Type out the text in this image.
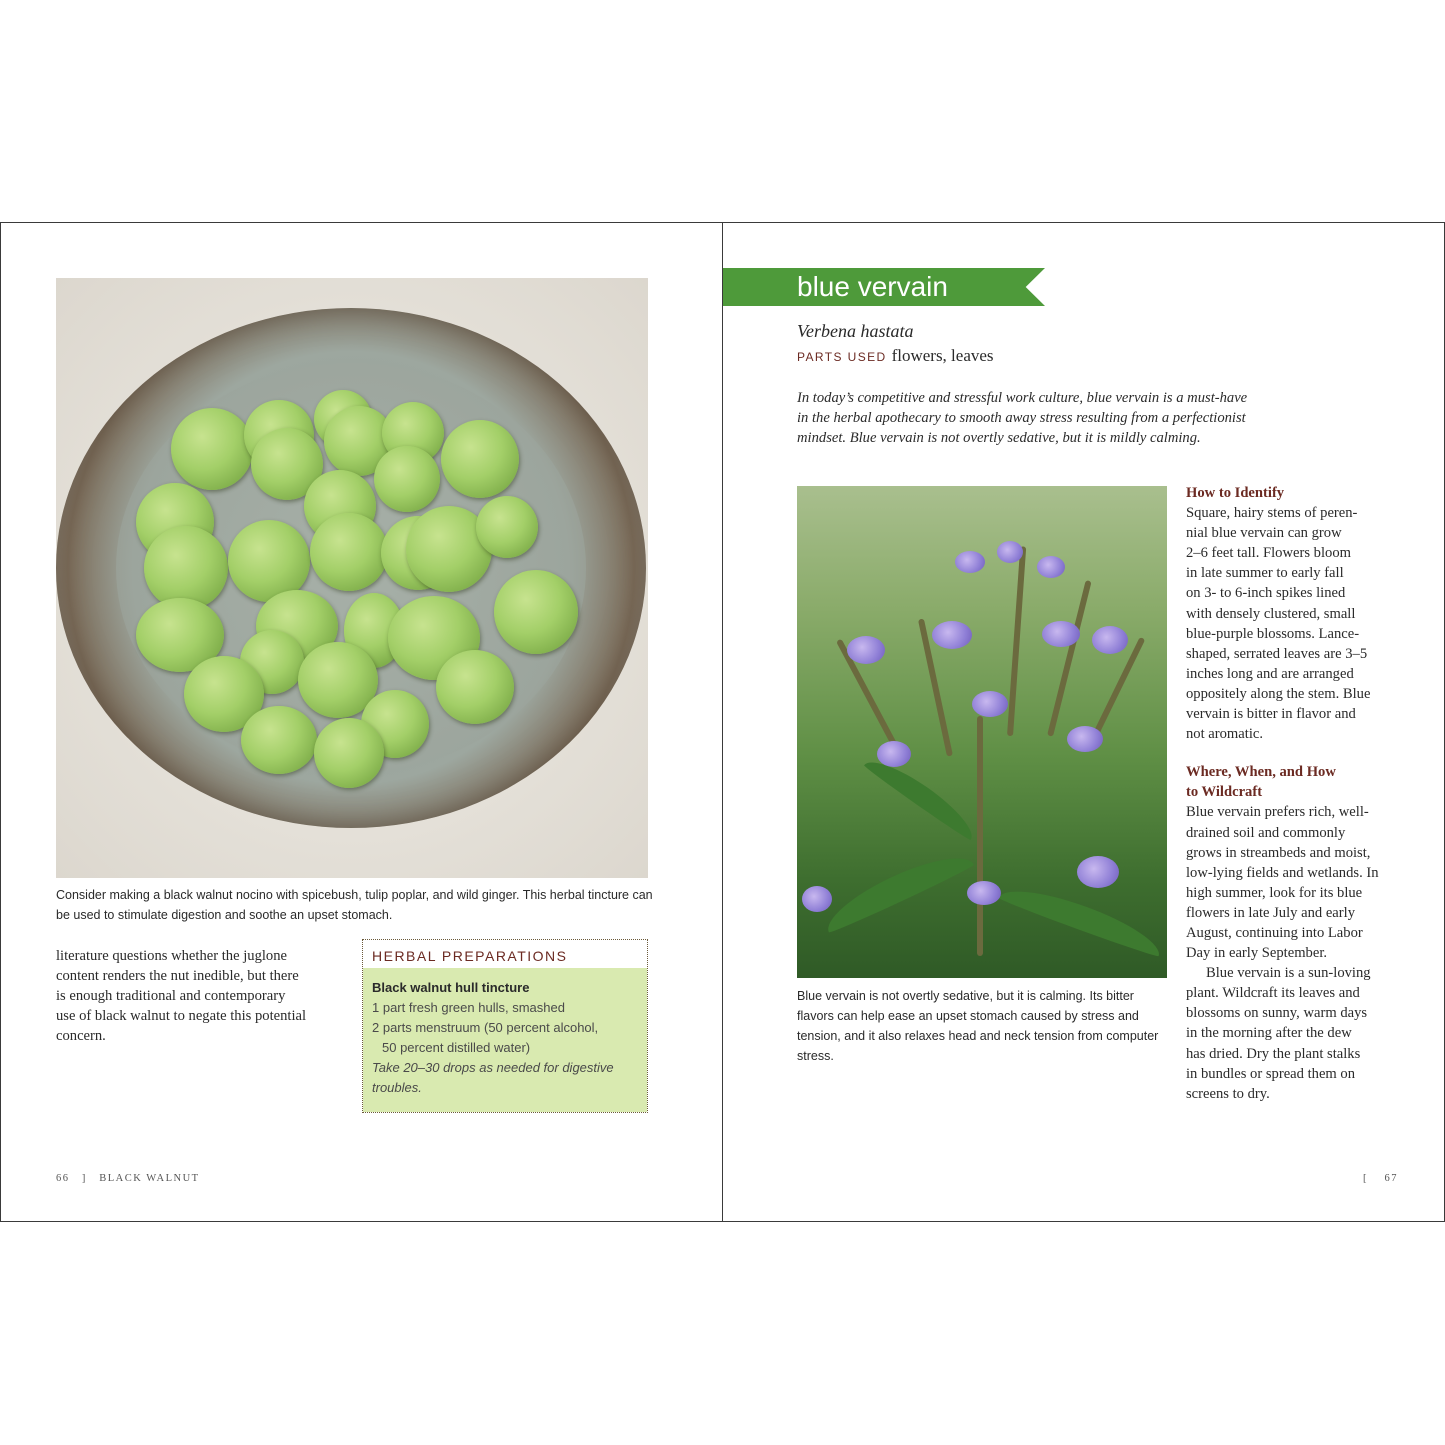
Consider making a black walnut nocino with spicebush, tulip poplar, and wild ginger. This herbal tincture can be used to stimulate digestion and soothe an upset stomach.
literature questions whether the juglone
content renders the nut inedible, but there
is enough traditional and contemporary
use of black walnut to negate this potential
concern.
HERBAL PREPARATIONS
Black walnut hull tincture
1 part fresh green hulls, smashed
2 parts menstruum (50 percent alcohol,
50 percent distilled water)
Take 20–30 drops as needed for digestive
troubles.
66 ] BLACK WALNUT
blue vervain
Verbena hastata
PARTS USED flowers, leaves
In today’s competitive and stressful work culture, blue vervain is a must-have
in the herbal apothecary to smooth away stress resulting from a perfectionist
mindset. Blue vervain is not overtly sedative, but it is mildly calming.
Blue vervain is not overtly sedative, but it is calming. Its bitter flavors can help ease an upset stomach caused by stress and tension, and it also relaxes head and neck tension from computer stress.
How to Identify
Square, hairy stems of peren-
nial blue vervain can grow
2–6 feet tall. Flowers bloom
in late summer to early fall
on 3- to 6-inch spikes lined
with densely clustered, small
blue-purple blossoms. Lance-
shaped, serrated leaves are 3–5
inches long and are arranged
oppositely along the stem. Blue
vervain is bitter in flavor and
not aromatic.
Where, When, and How
to Wildcraft
Blue vervain prefers rich, well-
drained soil and commonly
grows in streambeds and moist,
low-lying fields and wetlands. In
high summer, look for its blue
flowers in late July and early
August, continuing into Labor
Day in early September.
Blue vervain is a sun-loving
plant. Wildcraft its leaves and
blossoms on sunny, warm days
in the morning after the dew
has dried. Dry the plant stalks
in bundles or spread them on
screens to dry.
[ 67
